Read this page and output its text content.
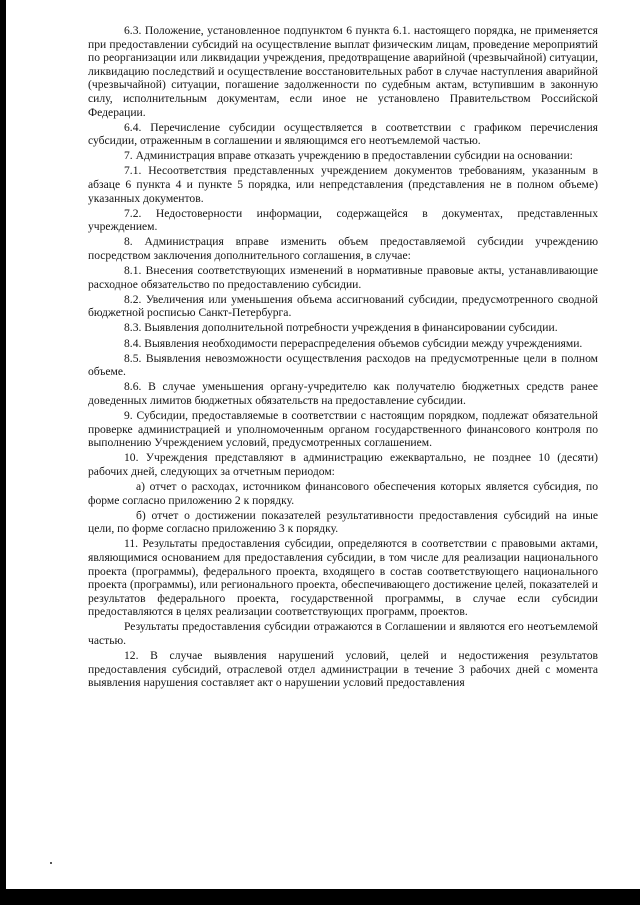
6.3. Положение, установленное подпунктом 6 пункта 6.1. настоящего порядка, не применяется при предоставлении субсидий на осуществление выплат физическим лицам, проведение мероприятий по реорганизации или ликвидации учреждения, предотвращение аварийной (чрезвычайной) ситуации, ликвидацию последствий и осуществление восстановительных работ в случае наступления аварийной (чрезвычайной) ситуации, погашение задолженности по судебным актам, вступившим в законную силу, исполнительным документам, если иное не установлено Правительством Российской Федерации.

6.4. Перечисление субсидии осуществляется в соответствии с графиком перечисления субсидии, отраженным в соглашении и являющимся его неотъемлемой частью.

7. Администрация вправе отказать учреждению в предоставлении субсидии на основании:

7.1. Несоответствия представленных учреждением документов требованиям, указанным в абзаце 6 пункта 4 и пункте 5 порядка, или непредставления (представления не в полном объеме) указанных документов.

7.2. Недостоверности информации, содержащейся в документах, представленных учреждением.

8. Администрация вправе изменить объем предоставляемой субсидии учреждению посредством заключения дополнительного соглашения, в случае:

8.1. Внесения соответствующих изменений в нормативные правовые акты, устанавливающие расходное обязательство по предоставлению субсидии.

8.2. Увеличения или уменьшения объема ассигнований субсидии, предусмотренного сводной бюджетной росписью Санкт-Петербурга.

8.3. Выявления дополнительной потребности учреждения в финансировании субсидии.

8.4. Выявления необходимости перераспределения объемов субсидии между учреждениями.

8.5. Выявления невозможности осуществления расходов на предусмотренные цели в полном объеме.

8.6. В случае уменьшения органу-учредителю как получателю бюджетных средств ранее доведенных лимитов бюджетных обязательств на предоставление субсидии.

9. Субсидии, предоставляемые в соответствии с настоящим порядком, подлежат обязательной проверке администрацией и уполномоченным органом государственного финансового контроля по выполнению Учреждением условий, предусмотренных соглашением.

10. Учреждения представляют в администрацию ежеквартально, не позднее 10 (десяти) рабочих дней, следующих за отчетным периодом:

а) отчет о расходах, источником финансового обеспечения которых является субсидия, по форме согласно приложению 2 к порядку.

б) отчет о достижении показателей результативности предоставления субсидий на иные цели, по форме согласно приложению 3 к порядку.

11. Результаты предоставления субсидии, определяются в соответствии с правовыми актами, являющимися основанием для предоставления субсидии, в том числе для реализации национального проекта (программы), федерального проекта, входящего в состав соответствующего национального проекта (программы), или регионального проекта, обеспечивающего достижение целей, показателей и результатов федерального проекта, государственной программы, в случае если субсидии предоставляются в целях реализации соответствующих программ, проектов.

Результаты предоставления субсидии отражаются в Соглашении и являются его неотъемлемой частью.

12. В случае выявления нарушений условий, целей и недостижения результатов предоставления субсидий, отраслевой отдел администрации в течение 3 рабочих дней с момента выявления нарушения составляет акт о нарушении условий предоставления
